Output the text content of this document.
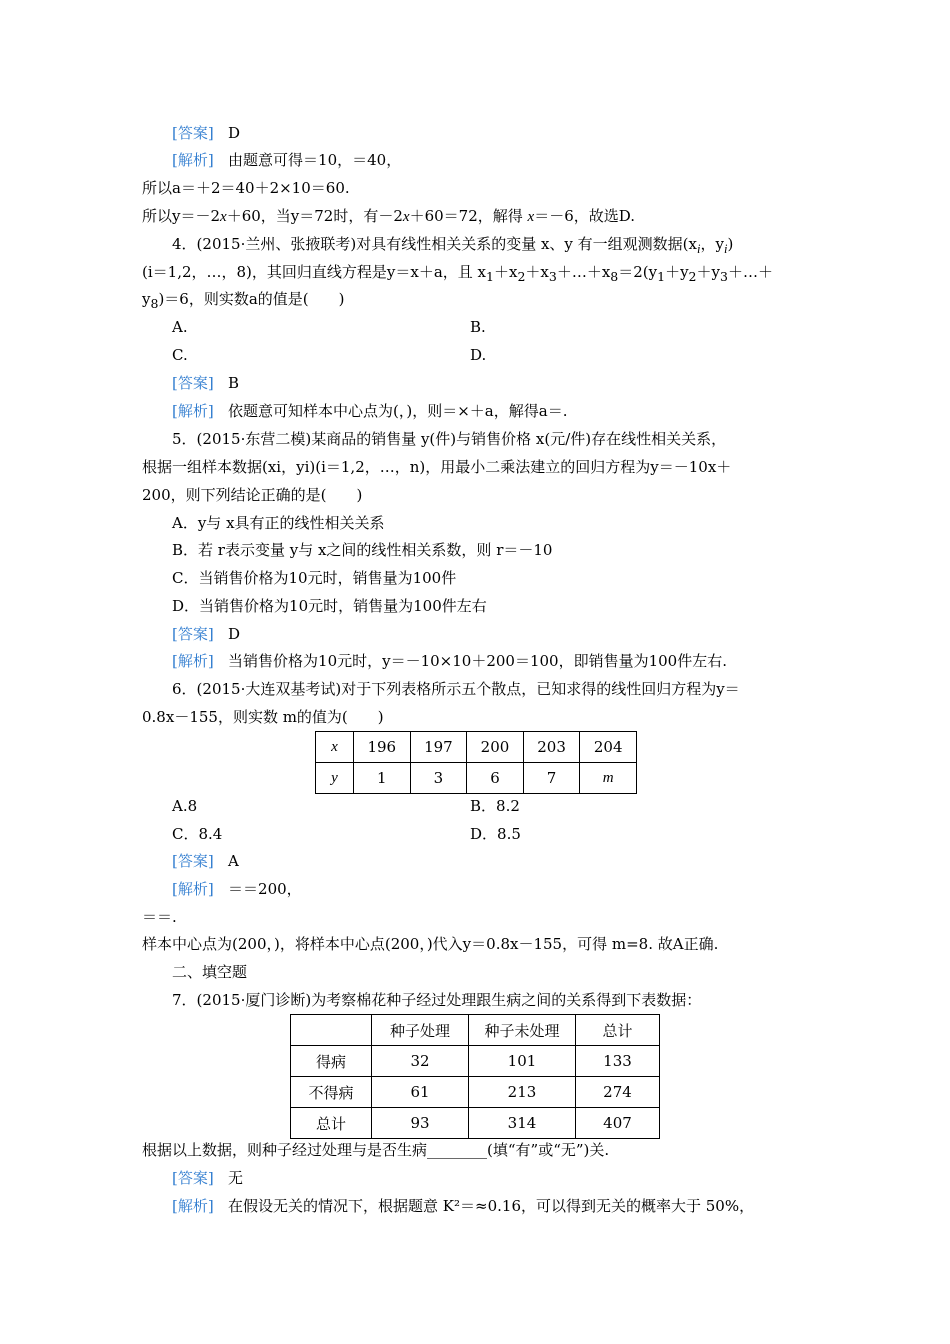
[答案] D
[解析] 由题意可得＝10，＝40，
所以a＝＋2＝40＋2×10＝60.
所以y＝－2x＋60，当y＝72时，有－2x＋60＝72，解得 x＝－6，故选D.
4．(2015·兰州、张掖联考)对具有线性相关关系的变量 x、y 有一组观测数据($x_i$，$y_i$)
(i＝1,2，…，8)，其回归直线方程是y＝x＋a，且 $x_1+x_2+x_3+\dots+x_8=2(y_1+y_2+y_3+\dots+$
$y_8)=6$，则实数a的值是(　　)
A.	B.
C.	D.
[答案] B
[解析] 依题意可知样本中心点为(，)，则＝×＋a，解得a＝.
5．(2015·东营二模)某商品的销售量 y(件)与销售价格 x(元/件)存在线性相关关系，
根据一组样本数据(xi，yi)(i＝1,2，…，n)，用最小二乘法建立的回归方程为y＝－10x＋
200，则下列结论正确的是(　　)
A．y与 x具有正的线性相关关系
B．若 r表示变量 y与 x之间的线性相关系数，则 r＝－10
C．当销售价格为10元时，销售量为100件
D．当销售价格为10元时，销售量为100件左右
[答案] D
[解析] 当销售价格为10元时，y＝－10×10＋200＝100，即销售量为100件左右.
6．(2015·大连双基考试)对于下列表格所示五个散点，已知求得的线性回归方程为y＝
0.8x－155，则实数 m的值为(　　)
x	196	197	200	203	204
y	1	3	6	7	m
A.8	B．8.2
C．8.4	D．8.5
[答案] A
[解析] ＝＝200，
＝＝.
样本中心点为(200，)，将样本中心点(200，)代入y＝0.8x－155，可得 m=8. 故A正确.
二、填空题
7．(2015·厦门诊断)为考察棉花种子经过处理跟生病之间的关系得到下表数据：
	种子处理	种子未处理	总计
得病	32	101	133
不得病	61	213	274
总计	93	314	407
根据以上数据，则种子经过处理与是否生病________(填“有”或“无”)关.
[答案] 无
[解析] 在假设无关的情况下，根据题意 K²＝≈0.16，可以得到无关的概率大于 50%，
